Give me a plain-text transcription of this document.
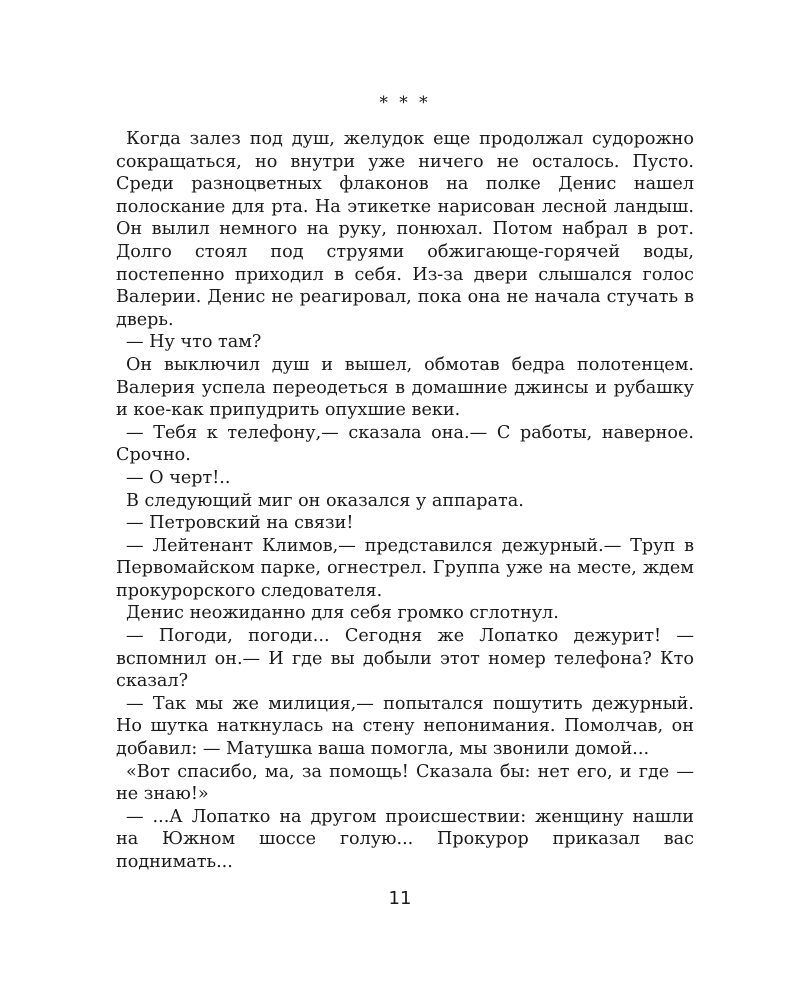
* * *

Когда залез под душ, желудок еще продолжал судорожно сокращаться, но внутри уже ничего не осталось. Пусто. Среди разноцветных флаконов на полке Денис нашел полоскание для рта. На этикетке нарисован лесной ландыш. Он вылил немного на руку, понюхал. Потом набрал в рот. Долго стоял под струями обжигающе-горячей воды, постепенно приходил в себя. Из-за двери слышался голос Валерии. Денис не реагировал, пока она не начала стучать в дверь.

— Ну что там?

Он выключил душ и вышел, обмотав бедра полотенцем. Валерия успела переодеться в домашние джинсы и рубашку и кое-как припудрить опухшие веки.

— Тебя к телефону,— сказала она.— С работы, наверное. Срочно.

— О черт!..

В следующий миг он оказался у аппарата.

— Петровский на связи!

— Лейтенант Климов,— представился дежурный.— Труп в Первомайском парке, огнестрел. Группа уже на месте, ждем прокурорского следователя.

Денис неожиданно для себя громко сглотнул.

— Погоди, погоди... Сегодня же Лопатко дежурит! — вспомнил он.— И где вы добыли этот номер телефона? Кто сказал?

— Так мы же милиция,— попытался пошутить дежурный. Но шутка наткнулась на стену непонимания. Помолчав, он добавил: — Матушка ваша помогла, мы звонили домой...

«Вот спасибо, ма, за помощь! Сказала бы: нет его, и где — не знаю!»

— ...А Лопатко на другом происшествии: женщину нашли на Южном шоссе голую... Прокурор приказал вас поднимать...

11
